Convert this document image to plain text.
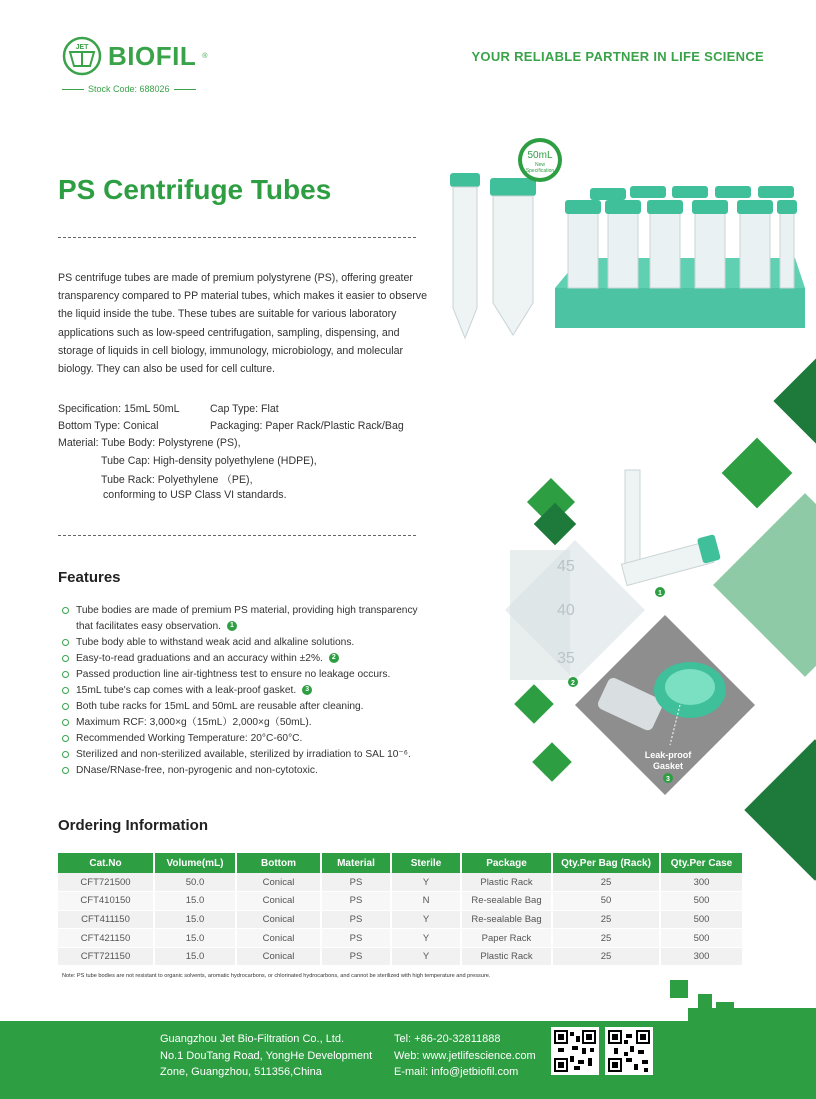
JET BIOFIL ®
Stock Code: 688026
YOUR RELIABLE PARTNER IN LIFE SCIENCE
PS Centrifuge Tubes
50mL
New
Specification
PS centrifuge tubes are made of premium polystyrene (PS), offering greater
transparency compared to PP material tubes, which makes it easier to observe
the liquid inside the tube. These tubes are suitable for various laboratory
applications such as low-speed centrifugation, sampling, dispensing, and
storage of liquids in cell biology, immunology, microbiology, and molecular
biology. They can also be used for cell culture.
Specification: 15mL 50mL	Cap Type: Flat
Bottom Type: Conical	Packaging: Paper Rack/Plastic Rack/Bag
Material: Tube Body: Polystyrene (PS),
Tube Cap: High-density polyethylene (HDPE),
Tube Rack: Polyethylene （PE),
conforming to USP Class VI standards.
Features
Tube bodies are made of premium PS material, providing high transparency
that facilitates easy observation. 1
Tube body able to withstand weak acid and alkaline solutions.
Easy-to-read graduations and an accuracy within ±2%. 2
Passed production line air-tightness test to ensure no leakage occurs.
15mL tube's cap comes with a leak-proof gasket. 3
Both tube racks for 15mL and 50mL are reusable after cleaning.
Maximum RCF: 3,000×g（15mL）2,000×g（50mL).
Recommended Working Temperature: 20°C-60°C.
Sterilized and non-sterilized available, sterilized by irradiation to SAL 10⁻⁶.
DNase/RNase-free, non-pyrogenic and non-cytotoxic.
1
45
40
35
2
Leak-proof
Gasket
3
Ordering Information
Cat.No	Volume(mL)	Bottom	Material	Sterile	Package	Qty.Per Bag (Rack)	Qty.Per Case
CFT721500	50.0	Conical	PS	Y	Plastic Rack	25	300
CFT410150	15.0	Conical	PS	N	Re-sealable Bag	50	500
CFT411150	15.0	Conical	PS	Y	Re-sealable Bag	25	500
CFT421150	15.0	Conical	PS	Y	Paper Rack	25	500
CFT721150	15.0	Conical	PS	Y	Plastic Rack	25	300
Note: PS tube bodies are not resistant to organic solvents, aromatic hydrocarbons, or chlorinated hydrocarbons, and cannot be sterilized with high temperature and pressure.
Guangzhou Jet Bio-Filtration Co., Ltd.
No.1 DouTang Road, YongHe Development
Zone, Guangzhou, 511356,China
Tel: +86-20-32811888
Web: www.jetlifescience.com
E-mail: info@jetbiofil.com
